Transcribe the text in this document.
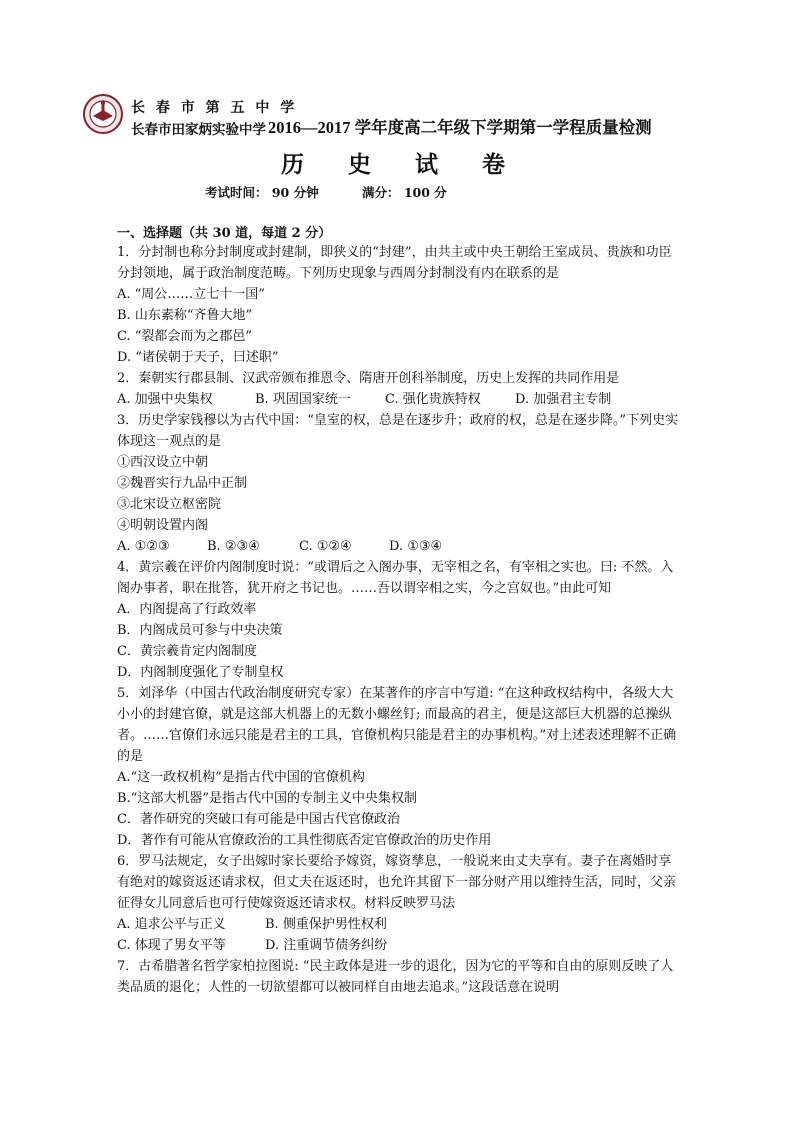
长 春 市 第 五 中 学
长春市田家炳实验中学 2016—2017 学年度高二年级下学期第一学程质量检测
历 史 试 卷
考试时间： 90 分钟	满分： 100 分
一、选择题（共 30 道，每道 2 分）

1．分封制也称分封制度或封建制，即狭义的“封建”，由共主或中央王朝给王室成员、贵族和功臣分封领地，属于政治制度范畴。下列历史现象与西周分封制没有内在联系的是

A. “周公……立七十一国”

B. 山东素称“齐鲁大地”

C. “裂都会而为之郡邑”

D. “诸侯朝于天子，曰述职”

2．秦朝实行郡县制、汉武帝颁布推恩令、隋唐开创科举制度，历史上发挥的共同作用是

A. 加强中央集权	B. 巩固国家统一	C. 强化贵族特权	D. 加强君主专制

3．历史学家钱穆以为古代中国：“皇室的权，总是在逐步升；政府的权，总是在逐步降。”下列史实体现这一观点的是

①西汉设立中朝

②魏晋实行九品中正制

③北宋设立枢密院

④明朝设置内阁

A. ①②③	B. ②③④	C. ①②④	D. ①③④

4．黄宗羲在评价内阁制度时说：“或谓后之入阁办事，无宰相之名，有宰相之实也。曰: 不然。入阁办事者，职在批答，犹开府之书记也。……吾以谓宰相之实，今之宫奴也。”由此可知

A．内阁提高了行政效率

B．内阁成员可参与中央决策

C．黄宗羲肯定内阁制度

D．内阁制度强化了专制皇权

5．刘泽华（中国古代政治制度研究专家）在某著作的序言中写道: “在这种政权结构中，各级大大小小的封建官僚，就是这部大机器上的无数小螺丝钉; 而最高的君主，便是这部巨大机器的总操纵者。……官僚们永远只能是君主的工具，官僚机构只能是君主的办事机构。”对上述表述理解不正确的是

A.“这一政权机构”是指古代中国的官僚机构

B.“这部大机器”是指古代中国的专制主义中央集权制

C．著作研究的突破口有可能是中国古代官僚政治

D．著作有可能从官僚政治的工具性彻底否定官僚政治的历史作用

6．罗马法规定，女子出嫁时家长要给予嫁资，嫁资孳息，一般说来由丈夫享有。妻子在离婚时享有绝对的嫁资返还请求权，但丈夫在返还时，也允许其留下一部分财产用以维持生活，同时，父亲征得女儿同意后也可行使嫁资返还请求权。材料反映罗马法

A. 追求公平与正义	B. 侧重保护男性权利

C. 体现了男女平等	D. 注重调节债务纠纷

7．古希腊著名哲学家柏拉图说: “民主政体是进一步的退化，因为它的平等和自由的原则反映了人类品质的退化；人性的一切欲望都可以被同样自由地去追求。”这段话意在说明
